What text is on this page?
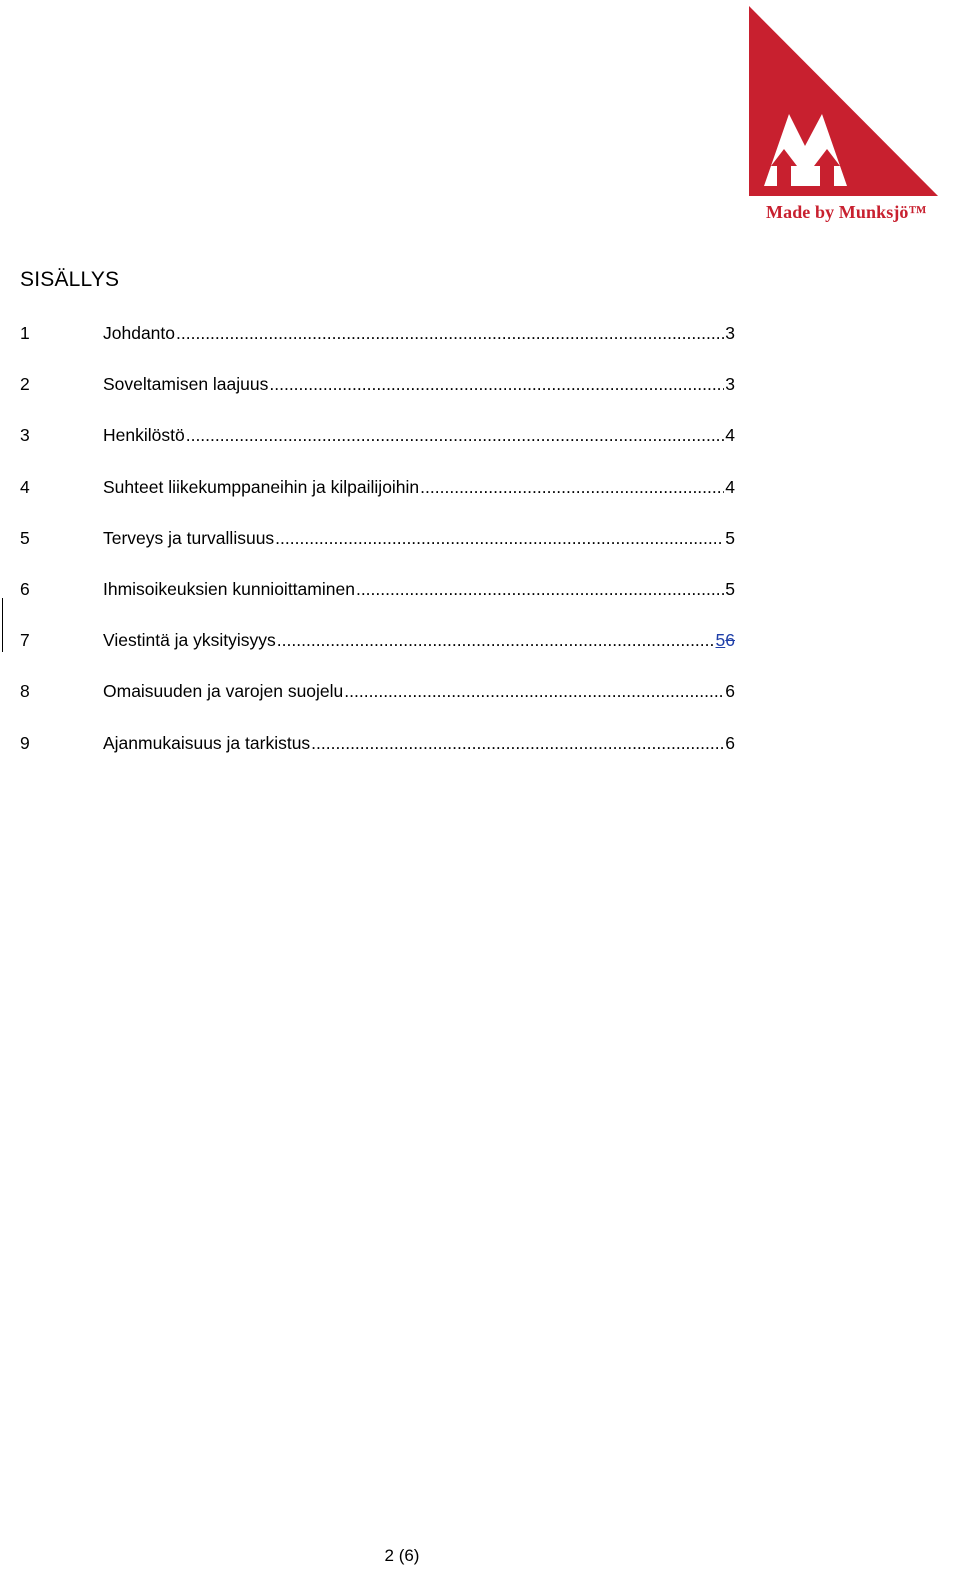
Made by Munksjö™
SISÄLLYS
1	Johdanto .....	3
2	Soveltamisen laajuus .....	3
3	Henkilöstö .....	4
4	Suhteet liikekumppaneihin ja kilpailijoihin .....	4
5	Terveys ja turvallisuus .....	5
6	Ihmisoikeuksien kunnioittaminen .....	5
7	Viestintä ja yksityisyys .....	56
8	Omaisuuden ja varojen suojelu .....	6
9	Ajanmukaisuus ja tarkistus .....	6
2 (6)
